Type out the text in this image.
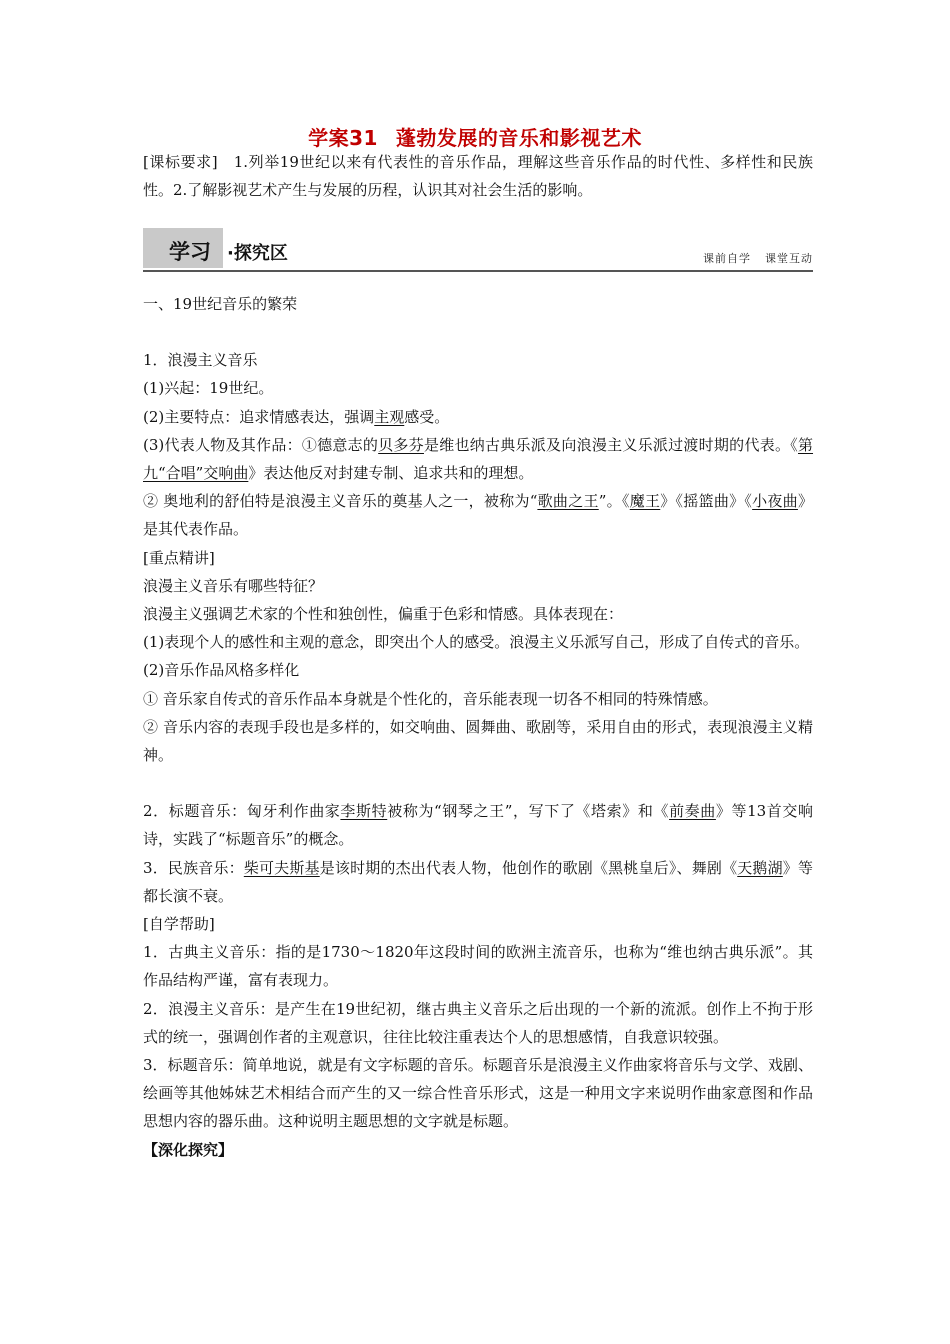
学案31 蓬勃发展的音乐和影视艺术
[课标要求]　1.列举19世纪以来有代表性的音乐作品，理解这些音乐作品的时代性、多样性和民族性。2.了解影视艺术产生与发展的历程，认识其对社会生活的影响。
学习 ·探究区	课前自学 课堂互动

一、19世纪音乐的繁荣

1．浪漫主义音乐

(1)兴起：19世纪。

(2)主要特点：追求情感表达，强调主观感受。

(3)代表人物及其作品：①德意志的贝多芬是维也纳古典乐派及向浪漫主义乐派过渡时期的代表。《第九“合唱”交响曲》表达他反对封建专制、追求共和的理想。

② 奥地利的舒伯特是浪漫主义音乐的奠基人之一，被称为“歌曲之王”。《魔王》《摇篮曲》《小夜曲》是其代表作品。

[重点精讲]

浪漫主义音乐有哪些特征？

浪漫主义强调艺术家的个性和独创性，偏重于色彩和情感。具体表现在：

(1)表现个人的感性和主观的意念，即突出个人的感受。浪漫主义乐派写自己，形成了自传式的音乐。

(2)音乐作品风格多样化

① 音乐家自传式的音乐作品本身就是个性化的，音乐能表现一切各不相同的特殊情感。

② 音乐内容的表现手段也是多样的，如交响曲、圆舞曲、歌剧等，采用自由的形式，表现浪漫主义精神。

2．标题音乐：匈牙利作曲家李斯特被称为“钢琴之王”，写下了《塔索》和《前奏曲》等13首交响诗，实践了“标题音乐”的概念。

3．民族音乐：柴可夫斯基是该时期的杰出代表人物，他创作的歌剧《黑桃皇后》、舞剧《天鹅湖》等都长演不衰。

[自学帮助]

1．古典主义音乐：指的是1730～1820年这段时间的欧洲主流音乐，也称为“维也纳古典乐派”。其作品结构严谨，富有表现力。

2．浪漫主义音乐：是产生在19世纪初，继古典主义音乐之后出现的一个新的流派。创作上不拘于形式的统一，强调创作者的主观意识，往往比较注重表达个人的思想感情，自我意识较强。

3．标题音乐：简单地说，就是有文字标题的音乐。标题音乐是浪漫主义作曲家将音乐与文学、戏剧、绘画等其他姊妹艺术相结合而产生的又一综合性音乐形式，这是一种用文字来说明作曲家意图和作品思想内容的器乐曲。这种说明主题思想的文字就是标题。

【深化探究】
